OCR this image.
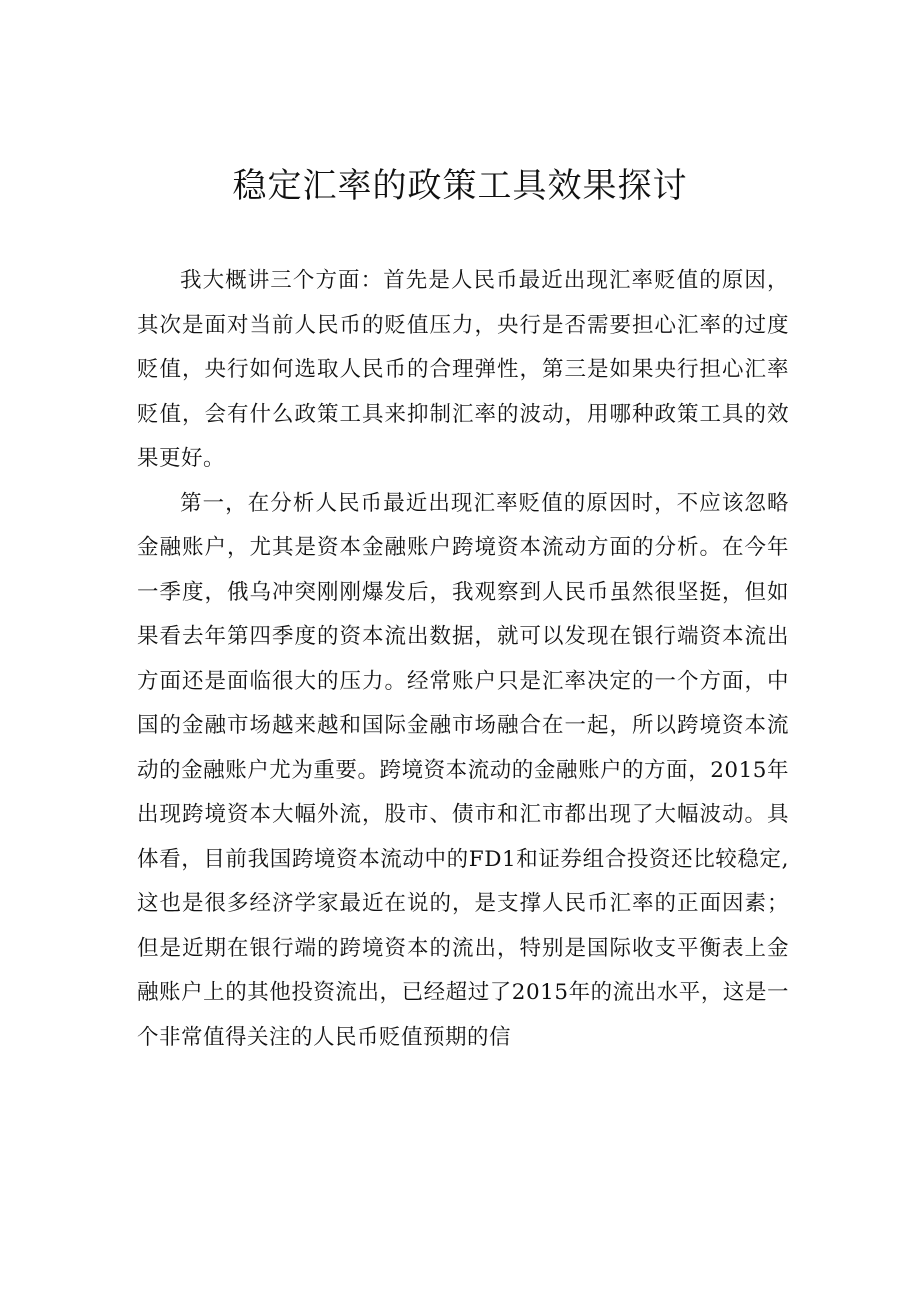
稳定汇率的政策工具效果探讨

我大概讲三个方面：首先是人民币最近出现汇率贬值的原因，其次是面对当前人民币的贬值压力，央行是否需要担心汇率的过度贬值，央行如何选取人民币的合理弹性，第三是如果央行担心汇率贬值，会有什么政策工具来抑制汇率的波动，用哪种政策工具的效果更好。

第一，在分析人民币最近出现汇率贬值的原因时，不应该忽略金融账户，尤其是资本金融账户跨境资本流动方面的分析。在今年一季度，俄乌冲突刚刚爆发后，我观察到人民币虽然很坚挺，但如果看去年第四季度的资本流出数据，就可以发现在银行端资本流出方面还是面临很大的压力。经常账户只是汇率决定的一个方面，中国的金融市场越来越和国际金融市场融合在一起，所以跨境资本流动的金融账户尤为重要。跨境资本流动的金融账户的方面，2015年出现跨境资本大幅外流，股市、债市和汇市都出现了大幅波动。具体看，目前我国跨境资本流动中的FD1和证券组合投资还比较稳定,这也是很多经济学家最近在说的，是支撑人民币汇率的正面因素；但是近期在银行端的跨境资本的流出，特别是国际收支平衡表上金融账户上的其他投资流出，已经超过了2015年的流出水平，这是一个非常值得关注的人民币贬值预期的信
